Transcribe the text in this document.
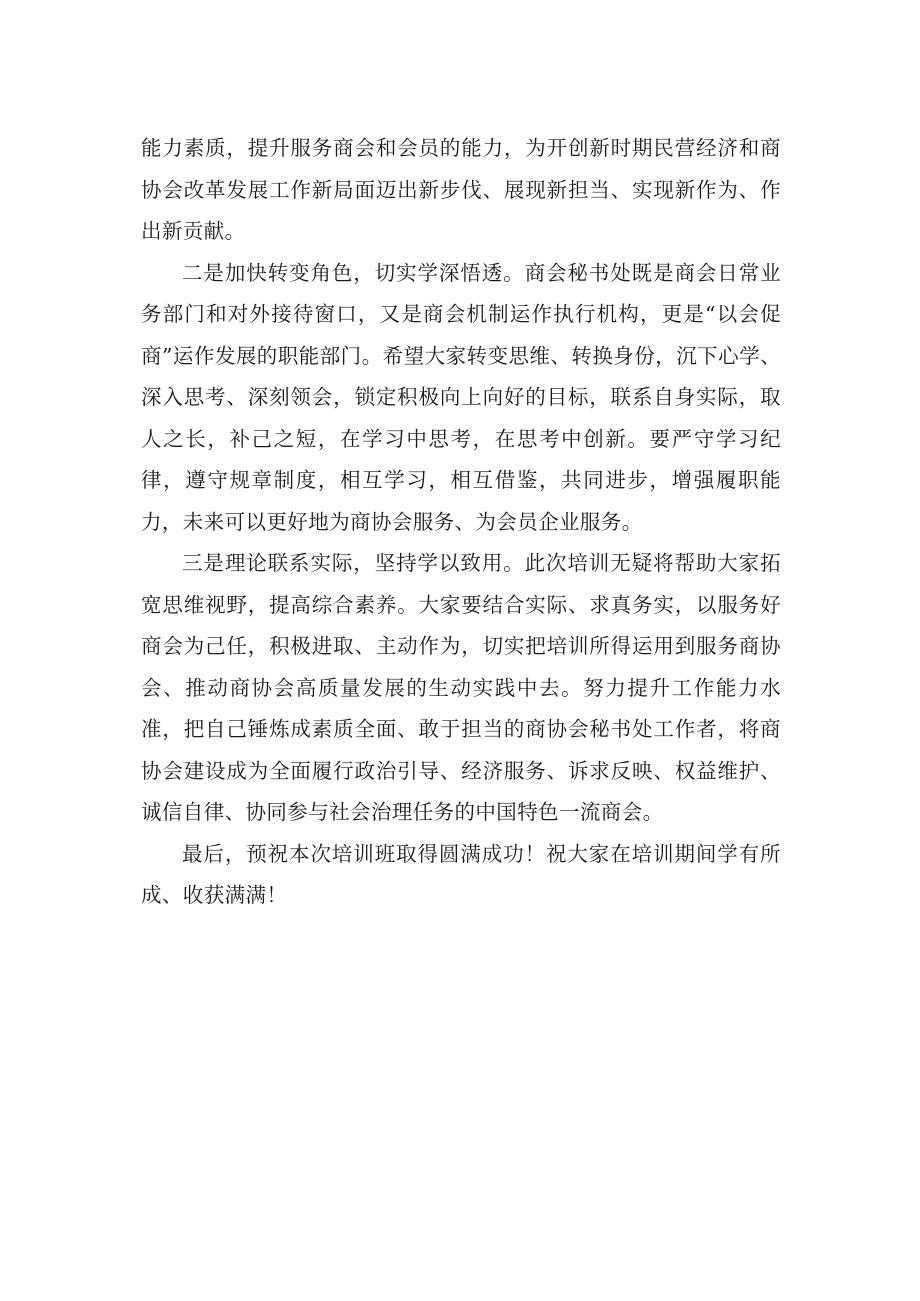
能力素质，提升服务商会和会员的能力，为开创新时期民营经济和商协会改革发展工作新局面迈出新步伐、展现新担当、实现新作为、作出新贡献。

二是加快转变角色，切实学深悟透。商会秘书处既是商会日常业务部门和对外接待窗口，又是商会机制运作执行机构，更是“以会促商”运作发展的职能部门。希望大家转变思维、转换身份，沉下心学、深入思考、深刻领会，锁定积极向上向好的目标，联系自身实际，取人之长，补己之短，在学习中思考，在思考中创新。要严守学习纪律，遵守规章制度，相互学习，相互借鉴，共同进步，增强履职能力，未来可以更好地为商协会服务、为会员企业服务。

三是理论联系实际，坚持学以致用。此次培训无疑将帮助大家拓宽思维视野，提高综合素养。大家要结合实际、求真务实，以服务好商会为己任，积极进取、主动作为，切实把培训所得运用到服务商协会、推动商协会高质量发展的生动实践中去。努力提升工作能力水准，把自己锤炼成素质全面、敢于担当的商协会秘书处工作者，将商协会建设成为全面履行政治引导、经济服务、诉求反映、权益维护、诚信自律、协同参与社会治理任务的中国特色一流商会。

最后，预祝本次培训班取得圆满成功！祝大家在培训期间学有所成、收获满满！
